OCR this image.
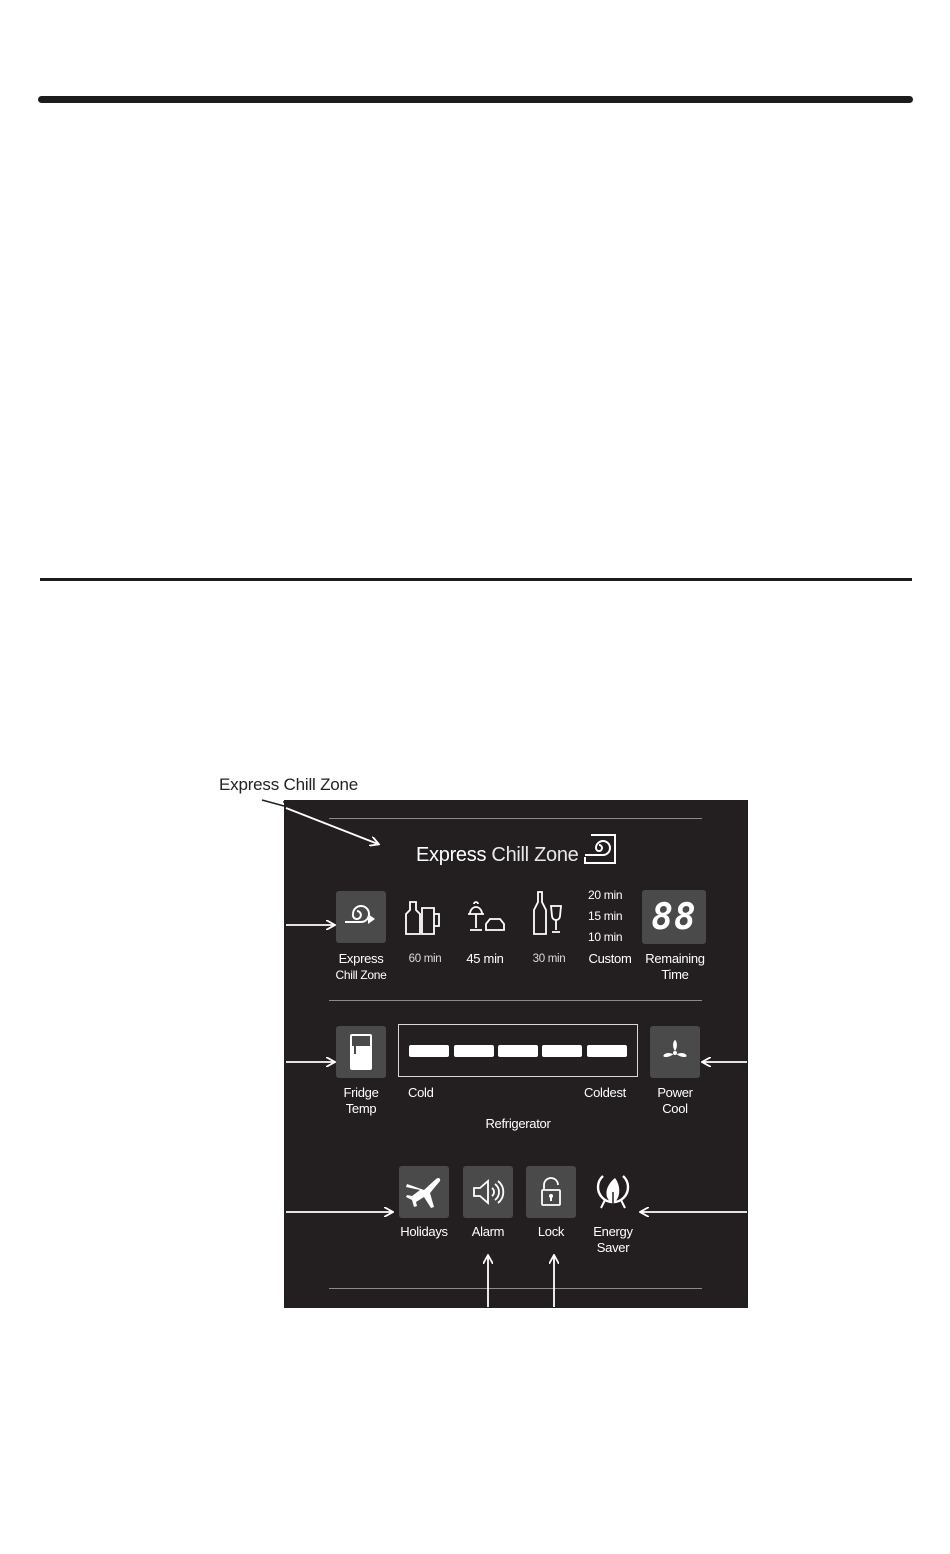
Express Chill Zone
Express Chill Zone
Express
Chill Zone
60 min	45 min	30 min
20 min
15 min
10 min
Custom
88
Remaining
Time
Fridge
Temp
Cold	Coldest
Refrigerator
Power
Cool
Holidays	Alarm	Lock	Energy
Saver
